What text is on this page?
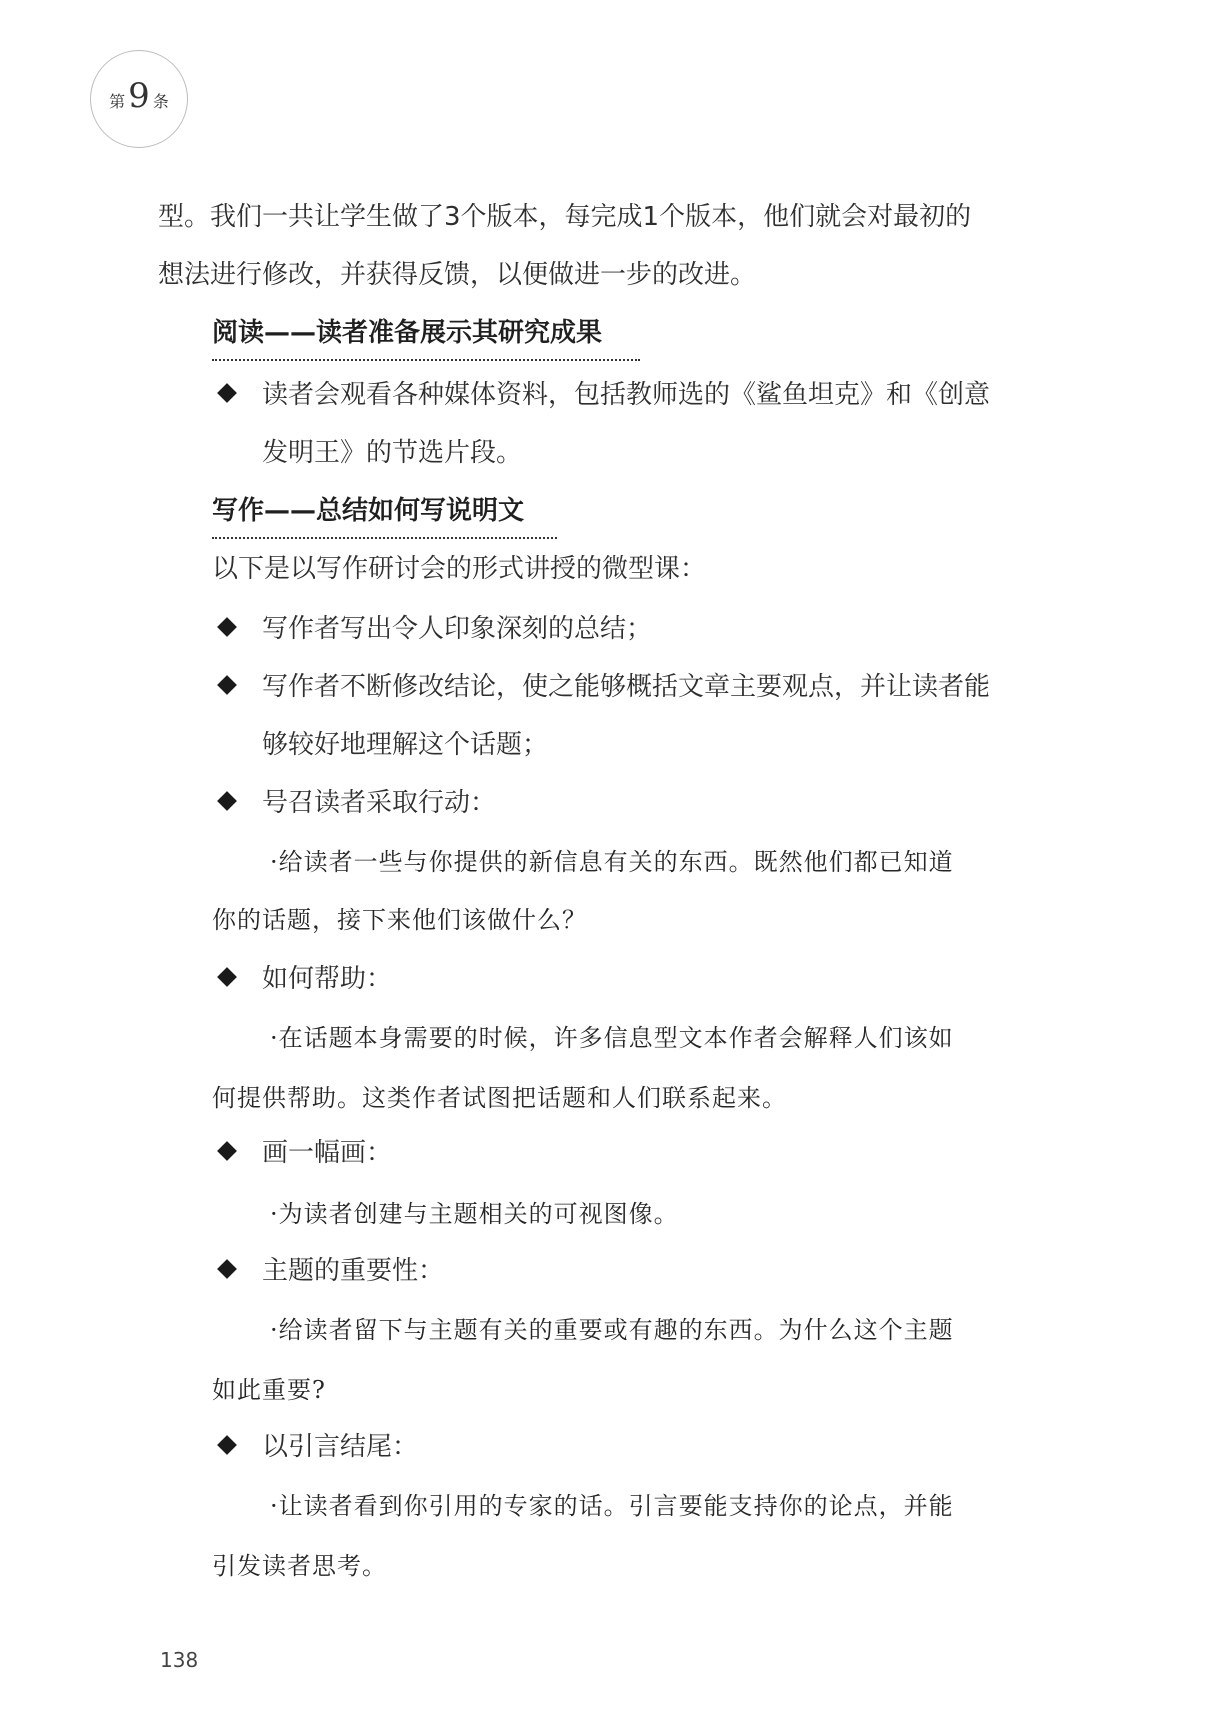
第 9 条
型。我们一共让学生做了3个版本，每完成1个版本，他们就会对最初的
想法进行修改，并获得反馈，以便做进一步的改进。
阅读——读者准备展示其研究成果
读者会观看各种媒体资料，包括教师选的《鲨鱼坦克》和《创意
发明王》的节选片段。
写作——总结如何写说明文
以下是以写作研讨会的形式讲授的微型课：
写作者写出令人印象深刻的总结；
写作者不断修改结论，使之能够概括文章主要观点，并让读者能
够较好地理解这个话题；
号召读者采取行动：
·给读者一些与你提供的新信息有关的东西。既然他们都已知道
你的话题，接下来他们该做什么？
如何帮助：
·在话题本身需要的时候，许多信息型文本作者会解释人们该如
何提供帮助。这类作者试图把话题和人们联系起来。
画一幅画：
·为读者创建与主题相关的可视图像。
主题的重要性：
·给读者留下与主题有关的重要或有趣的东西。为什么这个主题
如此重要?
以引言结尾：
·让读者看到你引用的专家的话。引言要能支持你的论点，并能
引发读者思考。
138
